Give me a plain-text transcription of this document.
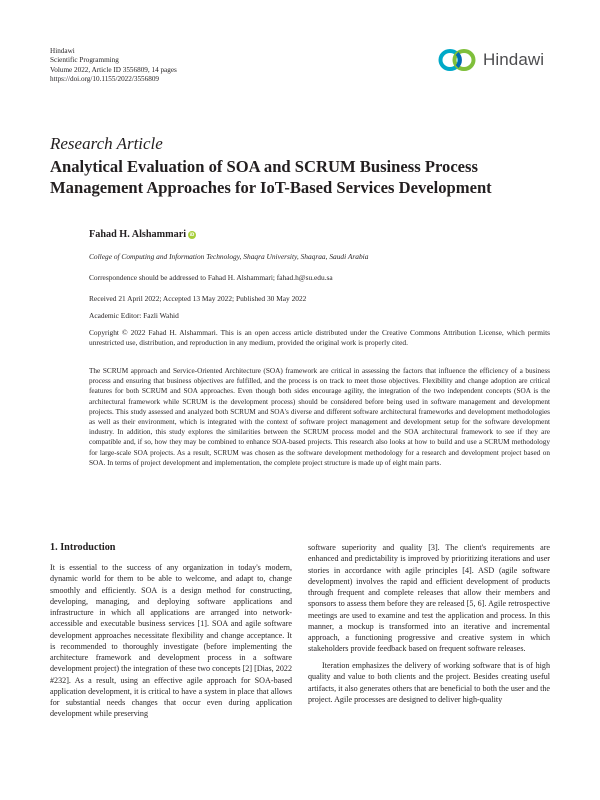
Hindawi
Scientific Programming
Volume 2022, Article ID 3556809, 14 pages
https://doi.org/10.1155/2022/3556809
Hindawi
Research Article
Analytical Evaluation of SOA and SCRUM Business Process
Management Approaches for IoT-Based Services Development
Fahad H. Alshammari
iD
College of Computing and Information Technology, Shaqra University, Shaqraa, Saudi Arabia
Correspondence should be addressed to Fahad H. Alshammari; fahad.h@su.edu.sa
Received 21 April 2022; Accepted 13 May 2022; Published 30 May 2022
Academic Editor: Fazli Wahid
Copyright © 2022 Fahad H. Alshammari. This is an open access article distributed under the Creative Commons Attribution License, which permits unrestricted use, distribution, and reproduction in any medium, provided the original work is properly cited.
The SCRUM approach and Service-Oriented Architecture (SOA) framework are critical in assessing the factors that influence the efficiency of a business process and ensuring that business objectives are fulfilled, and the process is on track to meet those objectives. Flexibility and change adoption are critical features for both SCRUM and SOA approaches. Even though both sides encourage agility, the integration of the two independent concepts (SOA is the architectural framework while SCRUM is the development process) should be considered before being used in software management and development projects. This study assessed and analyzed both SCRUM and SOA's diverse and different software architectural frameworks and development methodologies as well as their environment, which is integrated with the context of software project management and development setup for the software development industry. In addition, this study explores the similarities between the SCRUM process model and the SOA architectural framework to see if they are compatible and, if so, how they may be combined to enhance SOA-based projects. This research also looks at how to build and use a SCRUM methodology for large-scale SOA projects. As a result, SCRUM was chosen as the software development methodology for a research and development project based on SOA. In terms of project development and implementation, the complete project structure is made up of eight main parts.
1. Introduction

It is essential to the success of any organization in today's modern, dynamic world for them to be able to welcome, and adapt to, change smoothly and efficiently. SOA is a design method for constructing, developing, managing, and deploying software applications and infrastructure in which all applications are arranged into network-accessible and executable business services [1]. SOA and agile software development approaches necessitate flexibility and change acceptance. It is recommended to thoroughly investigate (before implementing the architecture framework and development process in a software development project) the integration of these two concepts [2] [Dias, 2022 #232]. As a result, using an effective agile approach for SOA-based application development, it is critical to have a system in place that allows for substantial needs changes that occur even during application development while preserving

software superiority and quality [3]. The client's requirements are enhanced and predictability is improved by prioritizing iterations and user stories in accordance with agile principles [4]. ASD (agile software development) involves the rapid and efficient development of products through frequent and complete releases that allow their members and sponsors to assess them before they are released [5, 6]. Agile retrospective meetings are used to examine and test the application and process. In this manner, a mockup is transformed into an iterative and incremental approach, a functioning progressive and creative system in which stakeholders provide feedback based on frequent software releases.

Iteration emphasizes the delivery of working software that is of high quality and value to both clients and the project. Besides creating useful artifacts, it also generates others that are beneficial to both the user and the project. Agile processes are designed to deliver high-quality
